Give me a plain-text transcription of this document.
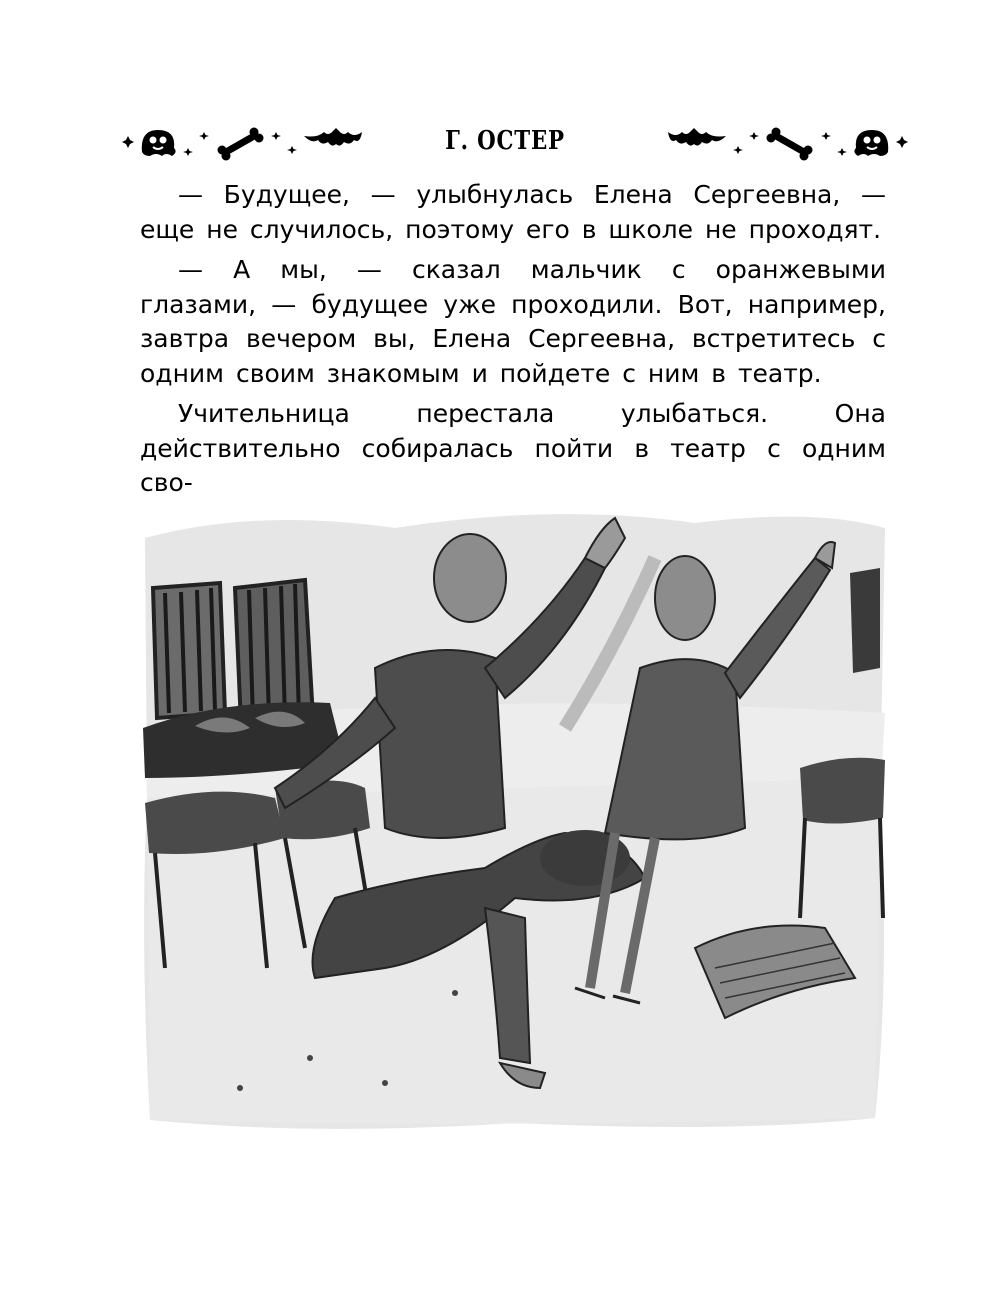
Г. ОСТЕР

— Будущее, — улыбнулась Елена Сергеевна, — еще не случилось, поэтому его в школе не проходят.

— А мы, — сказал мальчик с оранжевыми глазами, — будущее уже проходили. Вот, например, завтра вечером вы, Елена Сергеевна, встретитесь с одним своим знакомым и пойдете с ним в театр.

Учительница перестала улыбаться. Она действительно собиралась пойти в театр с одним сво-
